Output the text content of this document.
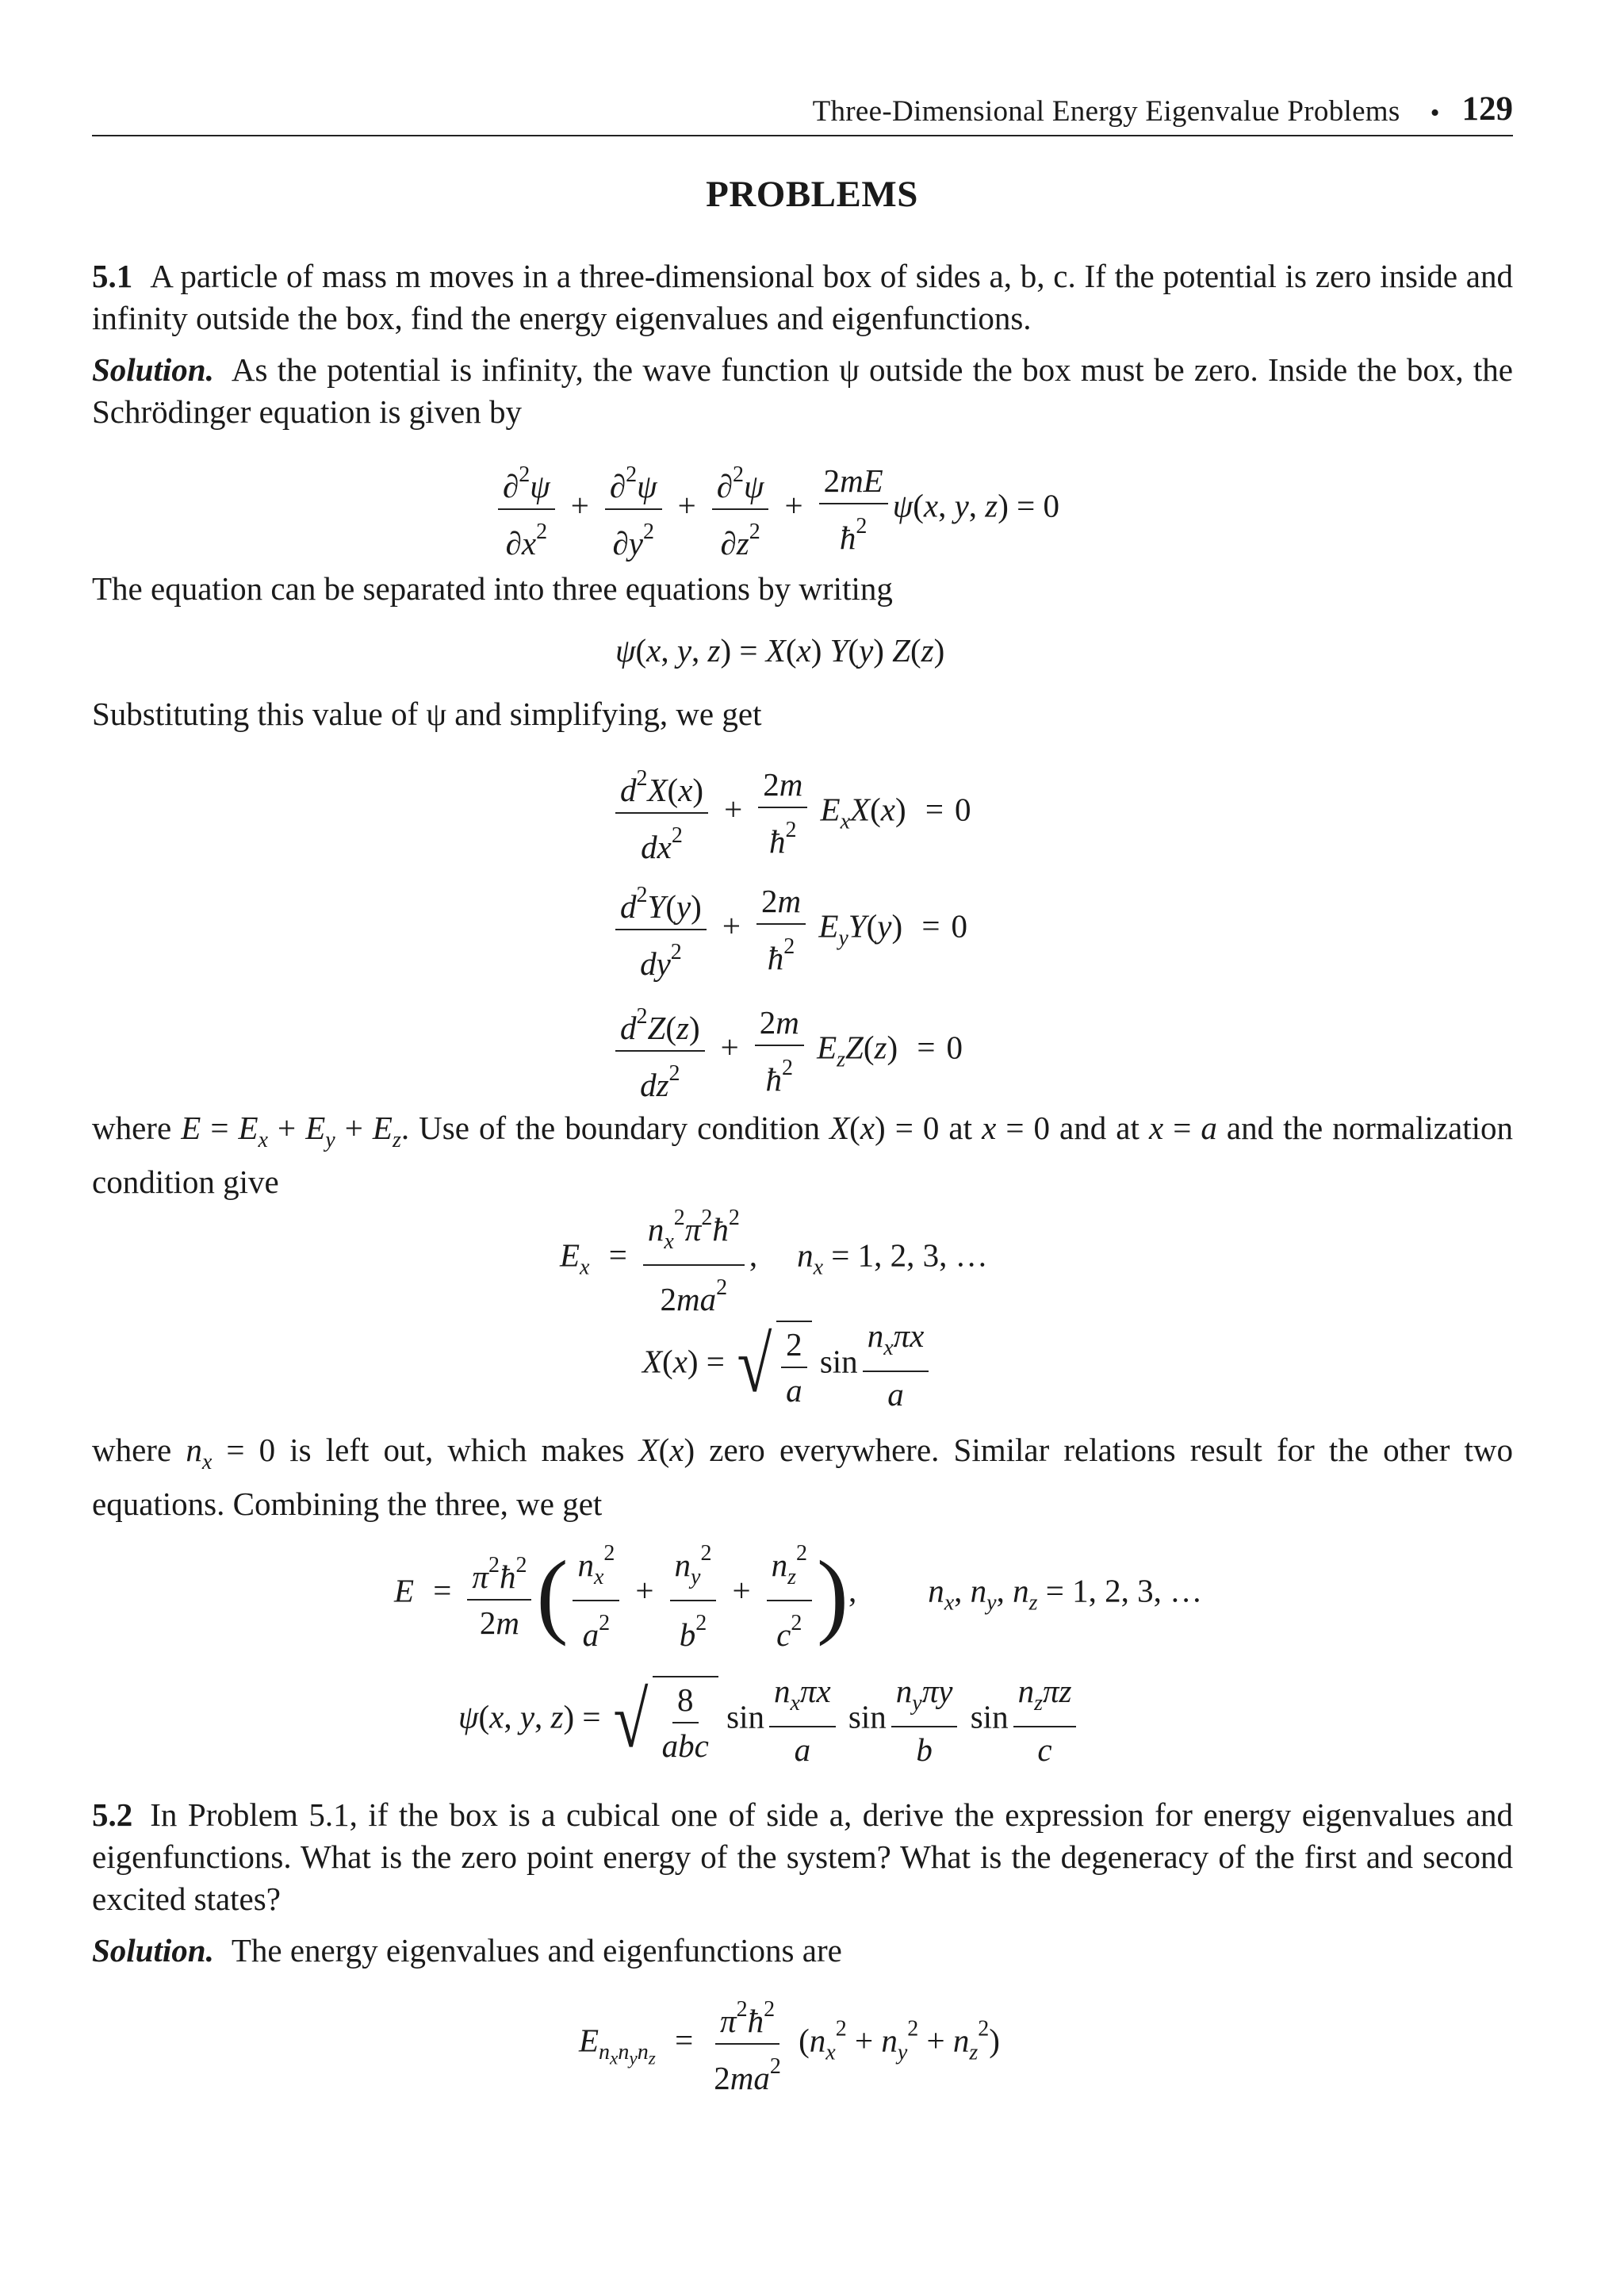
Three-Dimensional Energy Eigenvalue Problems • 129
PROBLEMS
5.1 A particle of mass m moves in a three-dimensional box of sides a, b, c. If the potential is zero inside and infinity outside the box, find the energy eigenvalues and eigenfunctions.
Solution. As the potential is infinity, the wave function ψ outside the box must be zero. Inside the box, the Schrödinger equation is given by
$\frac{\partial^2\psi}{\partial x^2} + \frac{\partial^2\psi}{\partial y^2} + \frac{\partial^2\psi}{\partial z^2} + \frac{2mE}{ħ^2} \psi(x$, y, z) = 0
The equation can be separated into three equations by writing
ψ(x, y, z) = X(x) Y(y) Z(z)
Substituting this value of ψ and simplifying, we get
$\frac{d^2X(x)}{dx^2} + \frac{2m}{ħ^2} E_xX(x) = 0$
$\frac{d^2Y(y)}{dy^2} + \frac{2m}{ħ^2} E_yY(y) = 0$
$\frac{d^2Z(z)}{dz^2} + \frac{2m}{ħ^2} E_zZ(z) = 0$
where $E = E_x + E_y + E_z$. Use of the boundary condition X(x) = 0 at x = 0 and at x = a and the normalization condition give
$E_x = \frac{n_x^2\pi^2ħ^2}{2ma^2}$ , $n_x = 1$, 2, 3, …
X(x) = √ $\frac{2}{a}$ $\sin \frac{n_x\pi x}{a}$
where $n_x = 0$ is left out, which makes X(x) zero everywhere. Similar relations result for the other two equations. Combining the three, we get
$E = \frac{\pi^2ħ^2}{2m}$ ( $\frac{n_x^2}{a^2} + \frac{n_y^2}{b^2} + \frac{n_z^2}{c^2}$ ), $n_x$, $n_y$, $n_z = 1$, 2, 3, …
ψ(x, y, z) = √ $\frac{8}{\text{abc}}$ $\sin \frac{n_x\pi x}{a}$ $\sin \frac{n_y\pi y}{b}$ $\sin \frac{n_z\pi z}{c}$
5.2 In Problem 5.1, if the box is a cubical one of side a, derive the expression for energy eigenvalues and eigenfunctions. What is the zero point energy of the system? What is the degeneracy of the first and second excited states?
Solution. The energy eigenvalues and eigenfunctions are
$E_{n_xn_yn_z} = \frac{\pi^2ħ^2}{2ma^2} (n_x^2 + n_y^2 + n_z^2)$
